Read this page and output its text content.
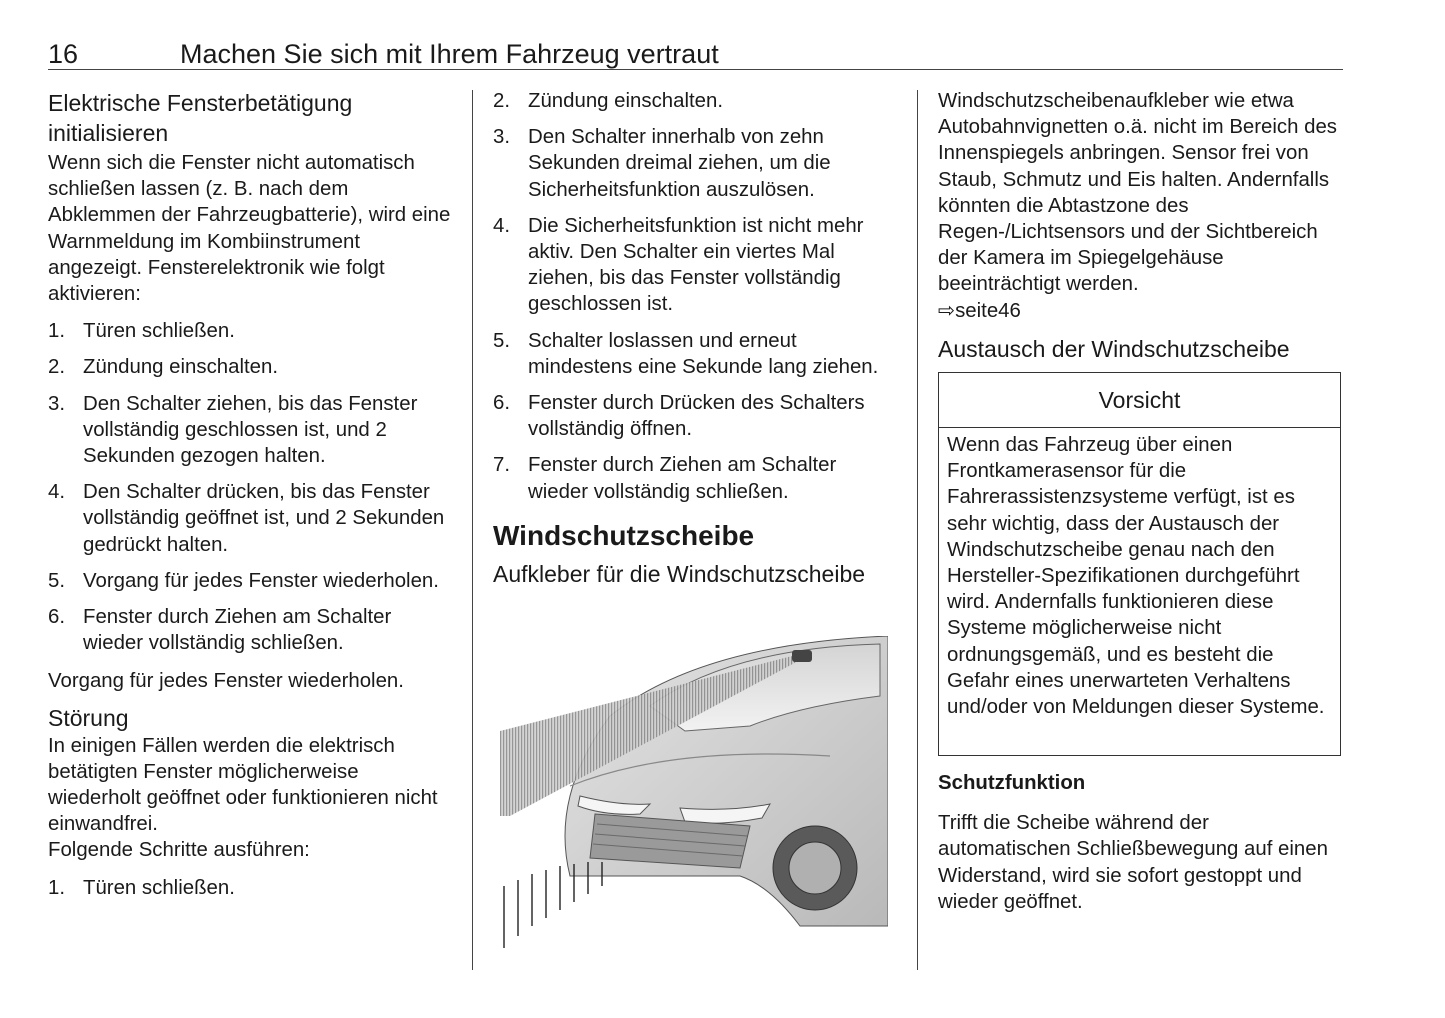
16	Machen Sie sich mit Ihrem Fahrzeug vertraut
Elektrische Fensterbetätigung
initialisieren

Wenn sich die Fenster nicht automatisch schließen lassen (z. B. nach dem Abklemmen der Fahrzeugbatterie), wird eine Warnmeldung im Kombiinstrument angezeigt. Fensterelektronik wie folgt aktivieren:

1. Türen schließen.
2. Zündung einschalten.
3. Den Schalter ziehen, bis das Fenster vollständig geschlossen ist, und 2 Sekunden gezogen halten.
4. Den Schalter drücken, bis das Fenster vollständig geöffnet ist, und 2 Sekunden gedrückt halten.
5. Vorgang für jedes Fenster wiederholen.
6. Fenster durch Ziehen am Schalter wieder vollständig schließen.

Vorgang für jedes Fenster wiederholen.

Störung

In einigen Fällen werden die elektrisch betätigten Fenster möglicherweise wiederholt geöffnet oder funktionieren nicht einwandfrei.

Folgende Schritte ausführen:

1. Türen schließen.
2. Zündung einschalten.
3. Den Schalter innerhalb von zehn Sekunden dreimal ziehen, um die Sicherheitsfunktion auszulösen.
4. Die Sicherheitsfunktion ist nicht mehr aktiv. Den Schalter ein viertes Mal ziehen, bis das Fenster vollständig geschlossen ist.
5. Schalter loslassen und erneut mindestens eine Sekunde lang ziehen.
6. Fenster durch Drücken des Schalters vollständig öffnen.
7. Fenster durch Ziehen am Schalter wieder vollständig schließen.
Windschutzscheibe
Aufkleber für die Windschutzscheibe

Windschutzscheibenaufkleber wie etwa Autobahnvignetten o.ä. nicht im Bereich des Innenspiegels anbringen. Sensor frei von Staub, Schmutz und Eis halten. Andernfalls könnten die Abtastzone des Regen-/Lichtsensors und der Sichtbereich der Kamera im Spiegelgehäuse beeinträchtigt werden.

⇨seite46

Austausch der Windschutzscheibe
Vorsicht
Wenn das Fahrzeug über einen Frontkamerasensor für die Fahrerassistenzsysteme verfügt, ist es sehr wichtig, dass der Austausch der Windschutzscheibe genau nach den Hersteller-Spezifikationen durchgeführt wird. Andernfalls funktionieren diese Systeme möglicherweise nicht ordnungsgemäß, und es besteht die Gefahr eines unerwarteten Verhaltens und/oder von Meldungen dieser Systeme.
Schutzfunktion

Trifft die Scheibe während der automatischen Schließbewegung auf einen Widerstand, wird sie sofort gestoppt und wieder geöffnet.
